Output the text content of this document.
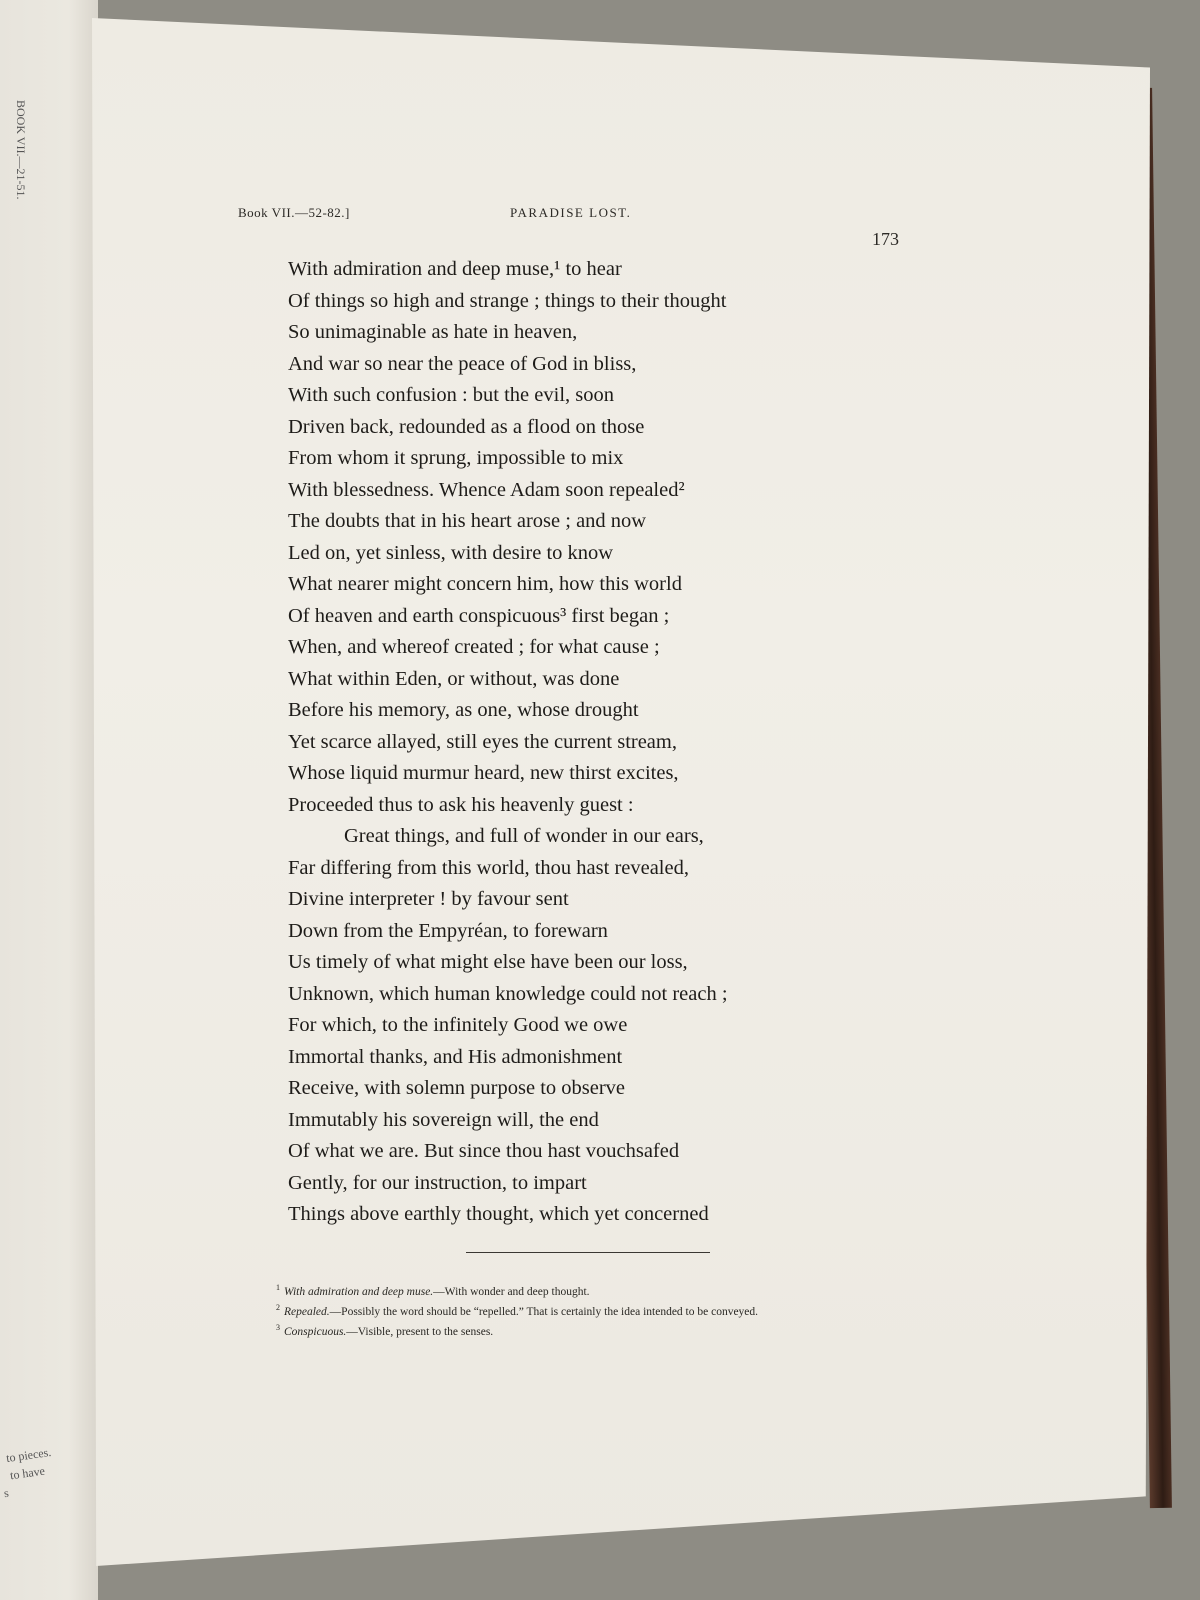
BOOK VII.—21-51.
to pieces.
to have
s
Book VII.—52-82.]	PARADISE LOST.
173
With admiration and deep muse,¹ to hear
Of things so high and strange ; things to their thought
So unimaginable as hate in heaven,
And war so near the peace of God in bliss,
With such confusion : but the evil, soon
Driven back, redounded as a flood on those
From whom it sprung, impossible to mix
With blessedness. Whence Adam soon repealed²
The doubts that in his heart arose ; and now
Led on, yet sinless, with desire to know
What nearer might concern him, how this world
Of heaven and earth conspicuous³ first began ;
When, and whereof created ; for what cause ;
What within Eden, or without, was done
Before his memory, as one, whose drought
Yet scarce allayed, still eyes the current stream,
Whose liquid murmur heard, new thirst excites,
Proceeded thus to ask his heavenly guest :
Great things, and full of wonder in our ears,
Far differing from this world, thou hast revealed,
Divine interpreter ! by favour sent
Down from the Empyréan, to forewarn
Us timely of what might else have been our loss,
Unknown, which human knowledge could not reach ;
For which, to the infinitely Good we owe
Immortal thanks, and His admonishment
Receive, with solemn purpose to observe
Immutably his sovereign will, the end
Of what we are. But since thou hast vouchsafed
Gently, for our instruction, to impart
Things above earthly thought, which yet concerned
$^1$ With admiration and deep muse.—With wonder and deep thought.
$^2$ Repealed.—Possibly the word should be “repelled.” That is certainly the idea intended to be conveyed.
$^3$ Conspicuous.—Visible, present to the senses.
